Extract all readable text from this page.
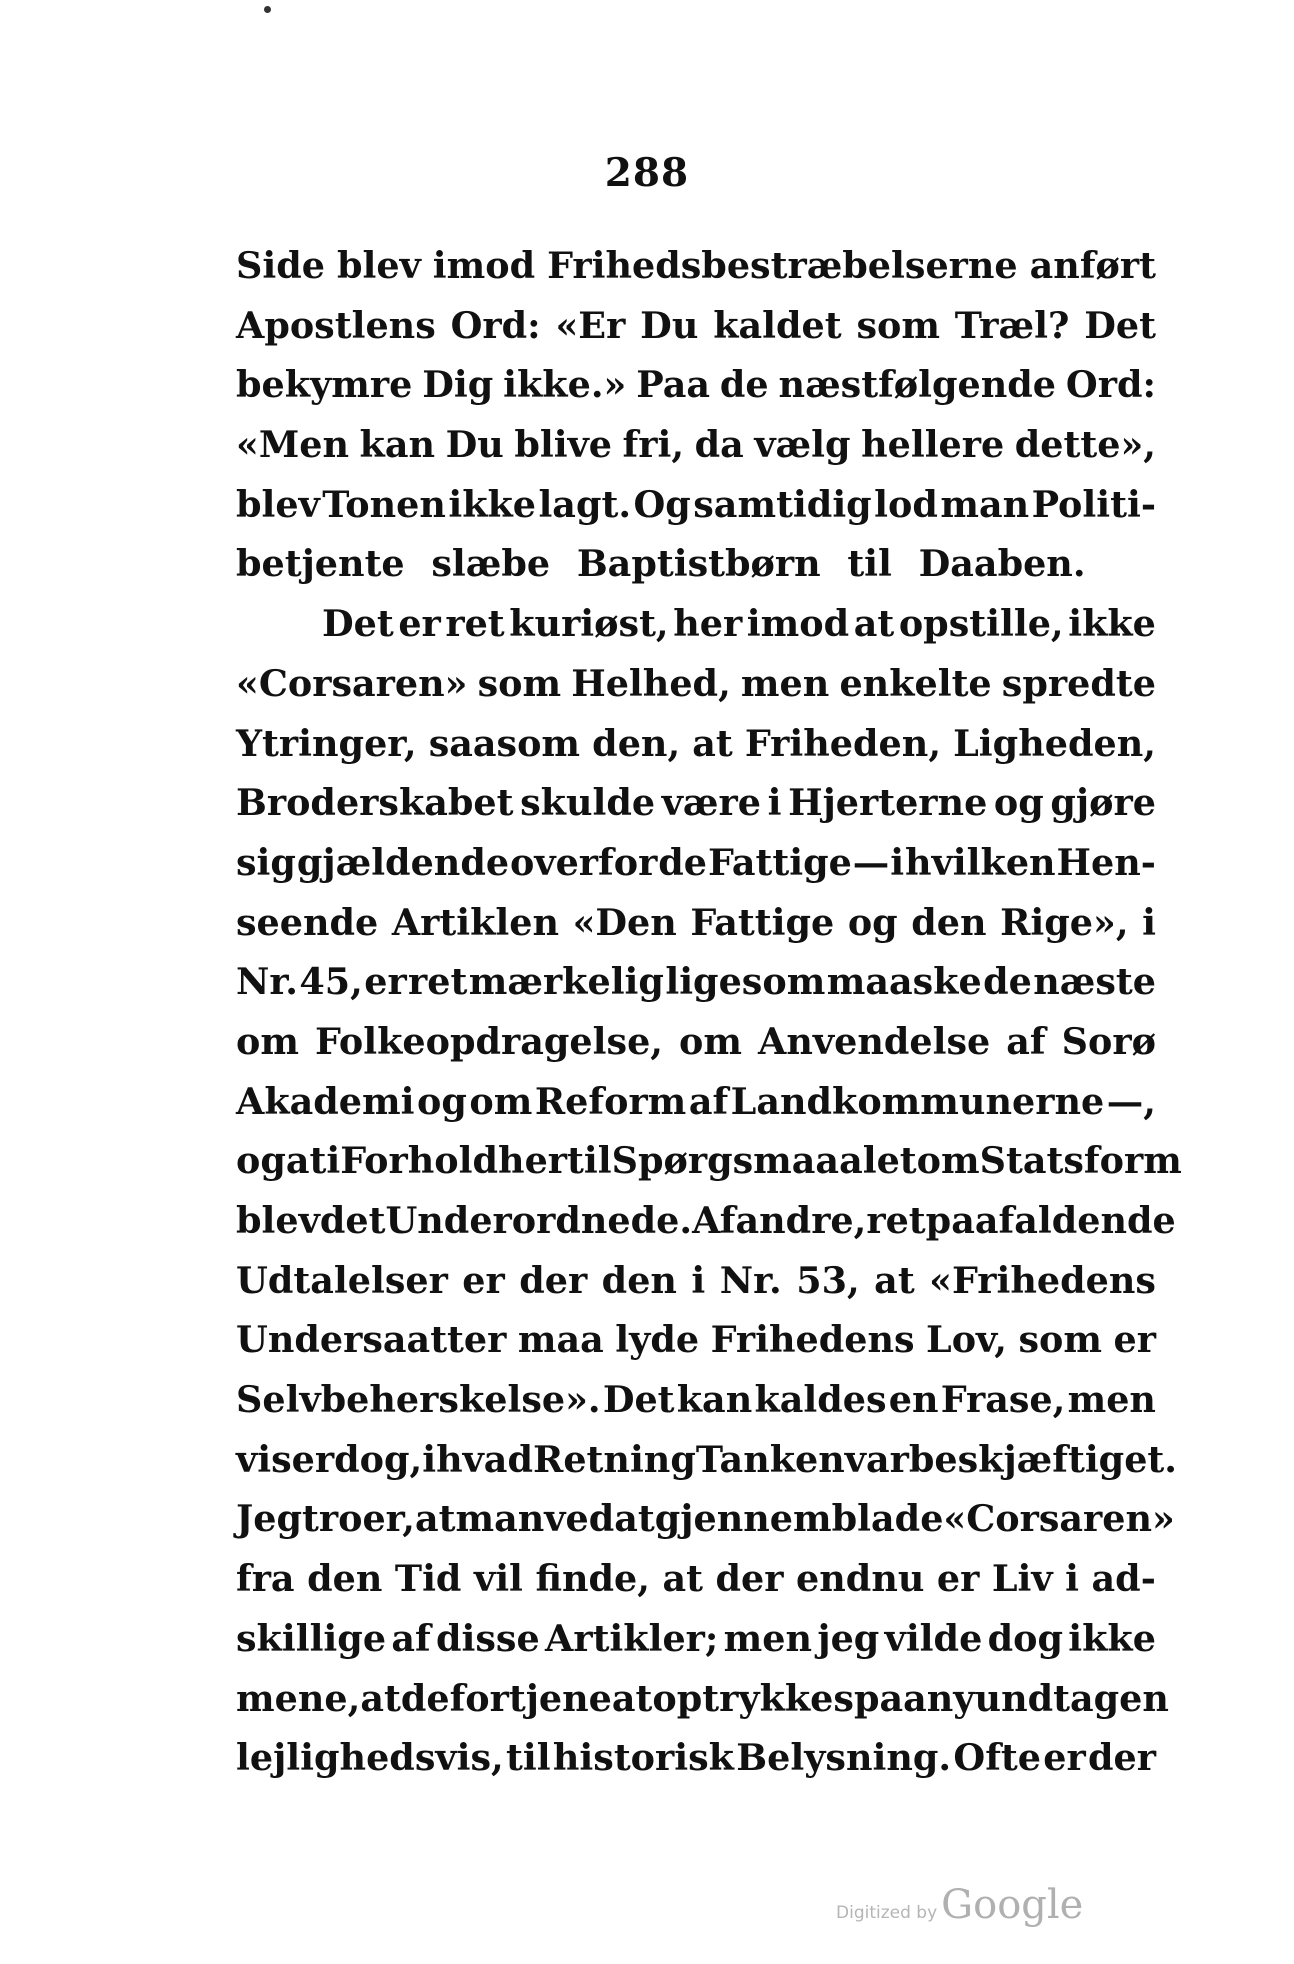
288
Side blev imod Frihedsbestræbelserne anført
Apostlens Ord: «Er Du kaldet som Træl? Det
bekymre Dig ikke.» Paa de næstfølgende Ord:
«Men kan Du blive fri, da vælg hellere dette»,
blev Tonen ikke lagt. Og samtidig lod man Politi-
betjente slæbe Baptistbørn til Daaben.
Det er ret kuriøst, her imod at opstille, ikke
«Corsaren» som Helhed, men enkelte spredte
Ytringer, saasom den, at Friheden, Ligheden,
Broderskabet skulde være i Hjerterne og gjøre
sig gjældende overfor de Fattige — i hvilken Hen-
seende Artiklen «Den Fattige og den Rige», i
Nr. 45, er ret mærkelig ligesom maaske de næste
om Folkeopdragelse, om Anvendelse af Sorø
Akademi og om Reform af Landkommunerne —,
og at i Forhold hertil Spørgsmaaalet om Statsform
blev det Underordnede. Af andre, ret paafaldende
Udtalelser er der den i Nr. 53, at «Frihedens
Undersaatter maa lyde Frihedens Lov, som er
Selvbeherskelse». Det kan kaldes en Frase, men
viser dog, i hvad Retning Tanken var beskjæftiget.
Jeg troer, at man ved at gjennemblade «Corsaren»
fra den Tid vil finde, at der endnu er Liv i ad-
skillige af disse Artikler; men jeg vilde dog ikke
mene, at de fortjene at optrykkes paany undtagen
lejlighedsvis, til historisk Belysning. Ofte er der
Digitized by Google
